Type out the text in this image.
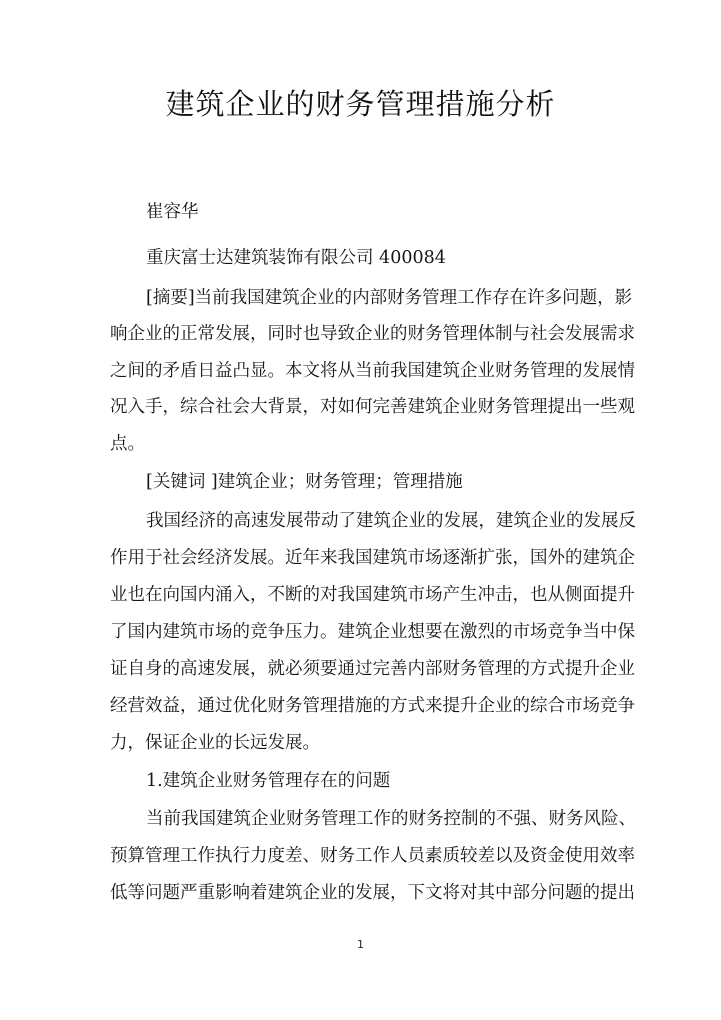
建筑企业的财务管理措施分析
崔容华
重庆富士达建筑装饰有限公司 400084
[摘要]当前我国建筑企业的内部财务管理工作存在许多问题，影
响企业的正常发展，同时也导致企业的财务管理体制与社会发展需求
之间的矛盾日益凸显。本文将从当前我国建筑企业财务管理的发展情
况入手，综合社会大背景，对如何完善建筑企业财务管理提出一些观
点。
[关键词 ]建筑企业；财务管理；管理措施
我国经济的高速发展带动了建筑企业的发展，建筑企业的发展反
作用于社会经济发展。近年来我国建筑市场逐渐扩张，国外的建筑企
业也在向国内涌入，不断的对我国建筑市场产生冲击，也从侧面提升
了国内建筑市场的竞争压力。建筑企业想要在激烈的市场竞争当中保
证自身的高速发展，就必须要通过完善内部财务管理的方式提升企业
经营效益，通过优化财务管理措施的方式来提升企业的综合市场竞争
力，保证企业的长远发展。
1.建筑企业财务管理存在的问题
当前我国建筑企业财务管理工作的财务控制的不强、财务风险、
预算管理工作执行力度差、财务工作人员素质较差以及资金使用效率
低等问题严重影响着建筑企业的发展，下文将对其中部分问题的提出
1
